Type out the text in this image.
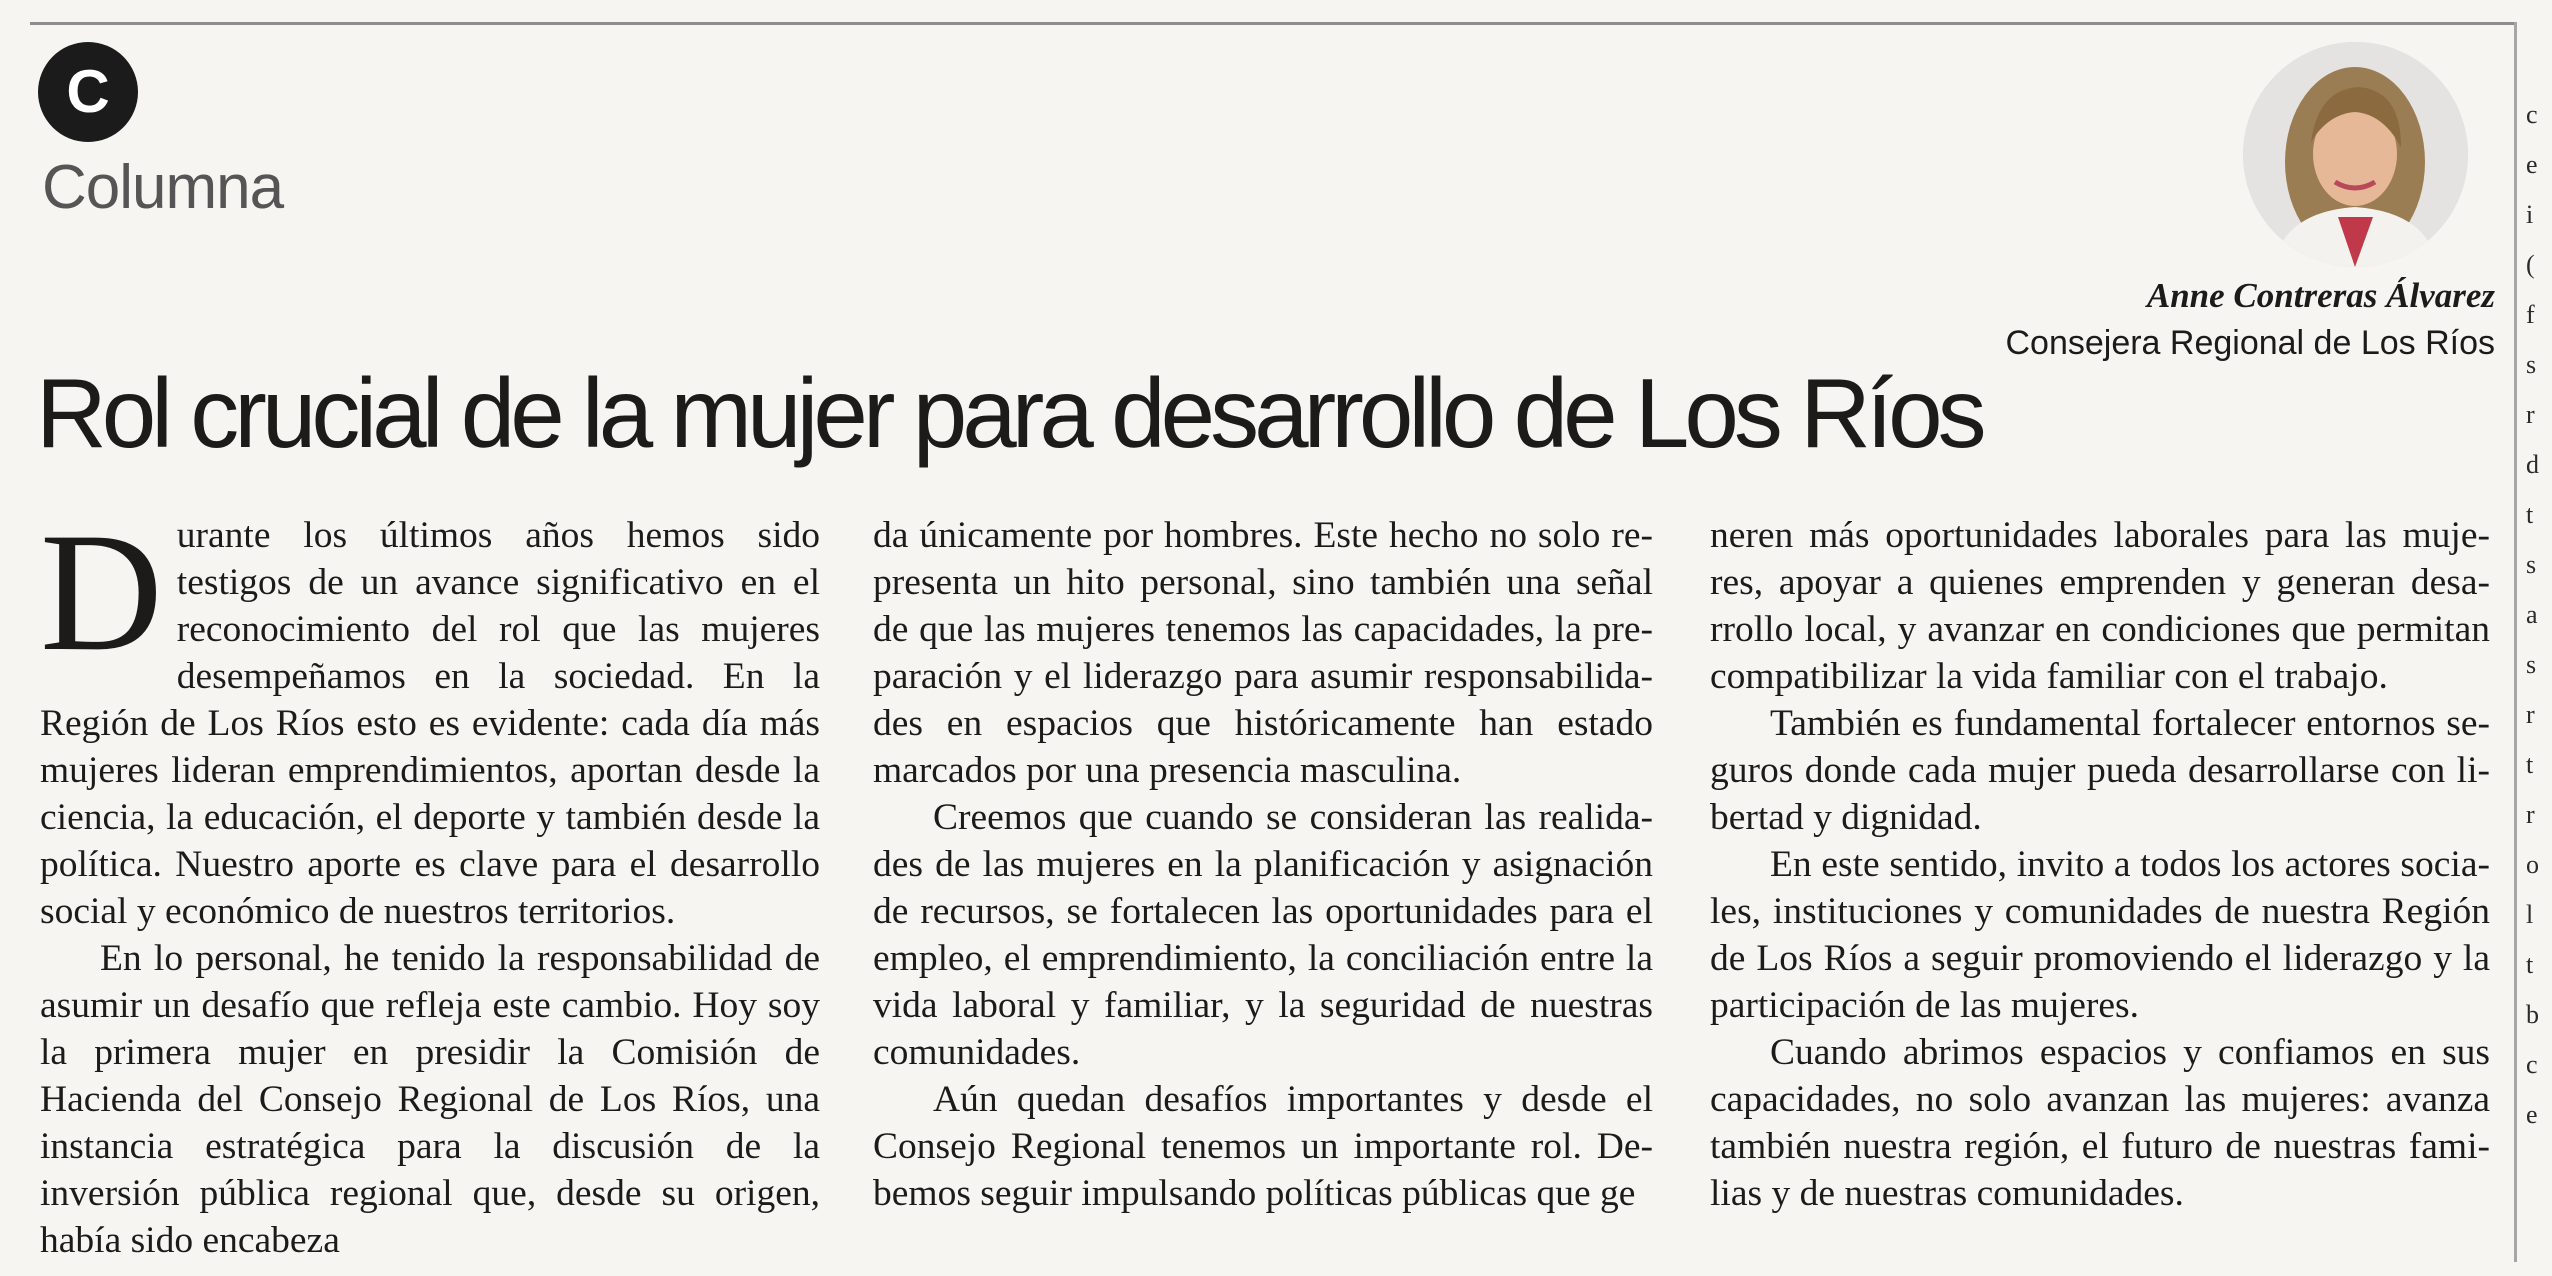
c
e
i
(
f
s
r
d
t
s
a
s
r
t
r
o
l
t
b
c
e
C
Columna
Anne Contreras Álvarez
Consejera Regional de Los Ríos
Rol crucial de la mujer para desarrollo de Los Ríos

Durante los últimos años hemos sido testigos de un avance significativo en el reconocimiento del rol que las mujeres desempeñamos en la sociedad. En la Región de Los Ríos esto es evidente: cada día más mujeres lideran emprendimientos, aportan desde la ciencia, la educación, el deporte y también desde la política. Nuestro aporte es clave para el desarrollo social y económico de nuestros territorios.

En lo personal, he tenido la responsabilidad de asumir un desafío que refleja este cambio. Hoy soy la primera mujer en presidir la Comisión de Hacienda del Consejo Regional de Los Ríos, una instancia estratégica para la discusión de la inversión pública regional que, desde su origen, había sido encabeza

da únicamente por hombres. Este hecho no solo representa un hito personal, sino también una señal de que las mujeres tenemos las capacidades, la preparación y el liderazgo para asumir responsabilidades en espacios que históricamente han estado marcados por una presencia masculina.

Creemos que cuando se consideran las realidades de las mujeres en la planificación y asignación de recursos, se fortalecen las oportunidades para el empleo, el emprendimiento, la conciliación entre la vida laboral y familiar, y la seguridad de nuestras comunidades.

Aún quedan desafíos importantes y desde el Consejo Regional tenemos un importante rol. Debemos seguir impulsando políticas públicas que ge

neren más oportunidades laborales para las mujeres, apoyar a quienes emprenden y generan desarrollo local, y avanzar en condiciones que permitan compatibilizar la vida familiar con el trabajo.

También es fundamental fortalecer entornos seguros donde cada mujer pueda desarrollarse con libertad y dignidad.

En este sentido, invito a todos los actores sociales, instituciones y comunidades de nuestra Región de Los Ríos a seguir promoviendo el liderazgo y la participación de las mujeres.

Cuando abrimos espacios y confiamos en sus capacidades, no solo avanzan las mujeres: avanza también nuestra región, el futuro de nuestras familias y de nuestras comunidades.
